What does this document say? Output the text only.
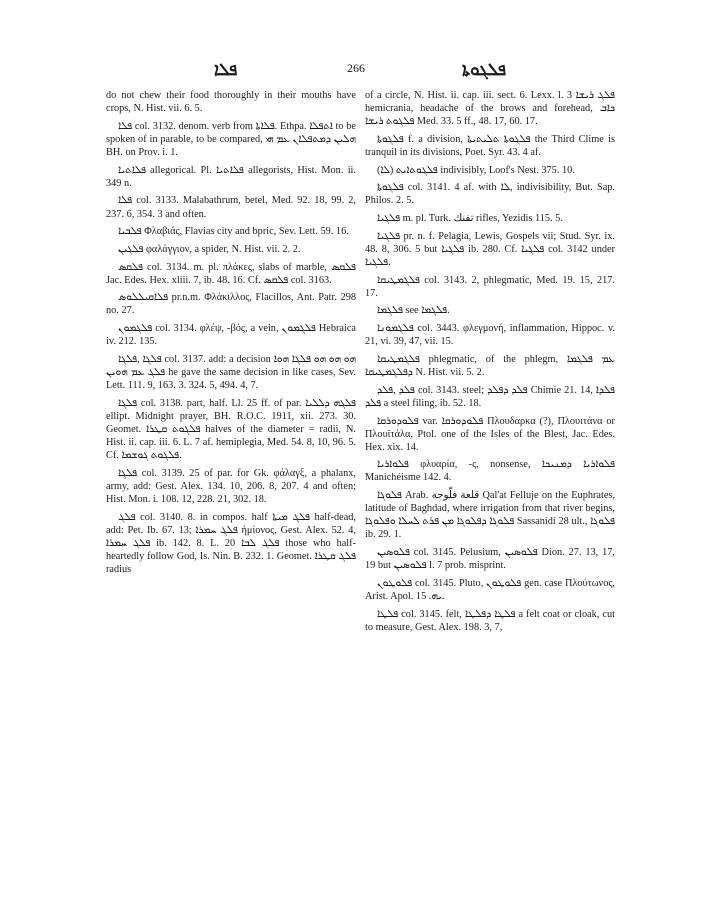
ܦܠܐ	266	ܦܠܓܘܬܐ

do not chew their food thoroughly in their mouths have crops, N. Hist. vii. 6. 5.

ܦܠܐ col. 3132. denom. verb from ܦܠܐܬܐ. Ethpa. ܐܬܦܠܐ to be spoken of in parable, to be compared, ܗܠܝܢ ܕܡܬܦܠܐܢ ܥܡ ܗܝ BH. on Prov. i. 1.

ܦܠܐܬܝܐ allegorical. Pl. ܦܠܐܬܝܐ allegorists, Hist. Mon. ii. 349 n.

ܦܠܐ col. 3133. Malabathrum, betel, Med. 92. 18, 99. 2, 237. 6, 354. 3 and often.

ܦܠܒܝܐ Φλαβιάς, Flavias city and bpric, Sev. Lett. 59. 16.

ܦܠܓܝܢ φαλάγγιον, a spider, N. Hist. vii. 2. 2.

ܦܠܩܣ col. 3134. m. pl. πλάκες, slabs of marble, ܦܠܩܣ Jac. Edes. Hex. xliii. 7, ib. 48. 16. Cf. ܦܠܩܣ col. 3163.

ܦܠܐܩܝܠܠܘܣ pr.n.m. Φλάκιλλος, Flacillos, Ant. Patr. 298 no. 27.

ܦܠܓܡܘܢ col. 3134. φλέψ, -βός, a vein, ܦܠܓܡܘܢ Hebraica iv. 212. 135.

ܦܠܓܐ ,ܦܠܓܐ col. 3137. add: a decision ܗܘ ܗܘ ܗܘ ܦܠܓܐ ܗܘܐ ܦܠܓ ܥܡ ܗܘܝܢ he gave the same decision in like cases, Sev. Lett. 111. 9, 163. 3. 324. 5, 494. 4, 7.

ܦܠܓܐ col. 3138. part, half. Ll. 25 ff. of par. ܦܠܓܗ ܕܠܠܝܐ ellipt. Midnight prayer, BH. R.O.C. 1911, xii. 273. 30. Geomet. ܦܠܓܘܬ ܩܛܪܐ halves of the diameter = radii, N. Hist. ii. cap. iii. 6. L. 7 af. hemiplegia, Med. 54. 8, 10, 96. 5. Cf. ܦܠܓܘܬ ܓܘܫܡܐ.

ܦܠܓܐ col. 3139. 25 of par. for Gk. φάλαγξ, a phalanx, army, add: Gest. Alex. 134. 10, 206. 8, 207. 4 and often; Hist. Mon. i. 108. 12, 228. 21, 302. 18.

ܦܠܓ col. 3140. 8. in compos. half ܦܠܓ ܡܝܬܐ half-dead, add: Pet. Ib. 67. 13; ܦܠܓ ܚܡܪܐ ἡμίονος, Gest. Alex. 52. 4, ܦܠܓ ܚܡܪܐ ib. 142. 8. L. 20 ܦܠܓ ܠܒܐ those who half-heartedly follow God, Is. Nin. B. 232. 1. Geomet. ܦܠܓ ܩܛܪܐ radius

of a circle, N. Hist. ii. cap. iii. sect. 6. Lexx. l. 3 ܦܠܓ ܪܝܫܐ hemicrania, headache of the brows and forehead, ܟܐܒ ܦܠܓܘܬ ܪܝܫܐ Med. 33. 5 ff., 48. 17, 60. 17.

ܦܠܓܘܬܐ f. a division, ܦܠܓܘܬܐ ܬܠܝܬܝܬܐ the Third Clime is tranquil in its divisions, Poet. Syr. 43. 4 af.

ܦܠܓܘܬܐܝܬ (ܠܐ) indivisibly, Loof's Nest. 375. 10.

ܦܠܓܘܬܐ col. 3141. 4 af. with ܠܐ, indivisibility, But. Sap. Philos. 2. 5.

ܦܠܓܝܐ m. pl. Turk. تفنك rifles, Yezidis 115. 5.

ܦܠܓܝܐ pr. n. f. Pelagia, Lewis, Gospels vii; Stud. Syr. ix. 48. 8, 306. 5 but ܦܠܓܝܐ ib. 280. Cf. ܦܠܓܝܐ col. 3142 under ܦܠܓܝܐ.

ܦܠܓܡܛܝܩܐ col. 3143. 2, phlegmatic, Med. 19. 15, 217. 17.

ܦܠܓܡܐ see ܦܠܓܡܐ.

ܦܠܓܡܘܢܐ col. 3443. φλεγμονή, inflammation, Hippoc. v. 21, vi. 39, 47, vii. 15.

ܦܠܓܡܛܝܩܐ phlegmatic, of the phlegm, ܥܡ ܦܠܓܡܐ ܕܦܠܓܡܛܝܩܐ N. Hist. vii. 5. 2.

ܦܠܕ ,ܦܠܕ col. 3143. steel; ܦܠܕ ܕܦܠܕ Chimie 21. 14, ܦܠܕܐ ܦܠܕ a steel filing, ib. 52. 18.

ܦܠܘܕܘܪܩܐ var. ܦܠܘܕܘܪܩܐ Πλουδαρκα (?), Πλουιτάνα or Πλουϊτάλα, Ptol. one of the Isles of the Blest, Jac. Edes. Hex. xix. 14.

ܦܠܘܐܪܝܐ φλυαρία, -ς, nonsense, ܦܠܘܐܪܝܐ ܕܡܢܝܟܐ Manichéisme 142. 4.

ܦܠܘܓܐ Arab. قلعة فلّوجة Qal'at Felluje on the Euphrates, latitude of Baghdad, where irrigation from that river begins, ܦܠܘܓܐ ܕܦܠܘܓܐ ܡܢ ܦܪܬ ܠܚܠܐ ܘܦܠܘܓܐ Sassanidi 28 ult., ܦܠܘܓܐ ib. 29. 1.

ܦܠܘܣܝܢ col. 3145. Pelusium, ܦܠܘܣܝܢ Dion. 27. 13, 17, 19 but ܦܠܘܣܝܢ l. 7 prob. misprint.

ܦܠܘܛܘܢ col. 3145. Pluto, ܦܠܘܛܘܢ gen. case Πλούτωνος, Arist. Apol. ܝܗ. 15.

ܦܠܛܐ col. 3145. felt, ܦܠܛܐ ܕܦܠܛܐ a felt coat or cloak, cut to measure, Gest. Alex. 198. 3, 7,
